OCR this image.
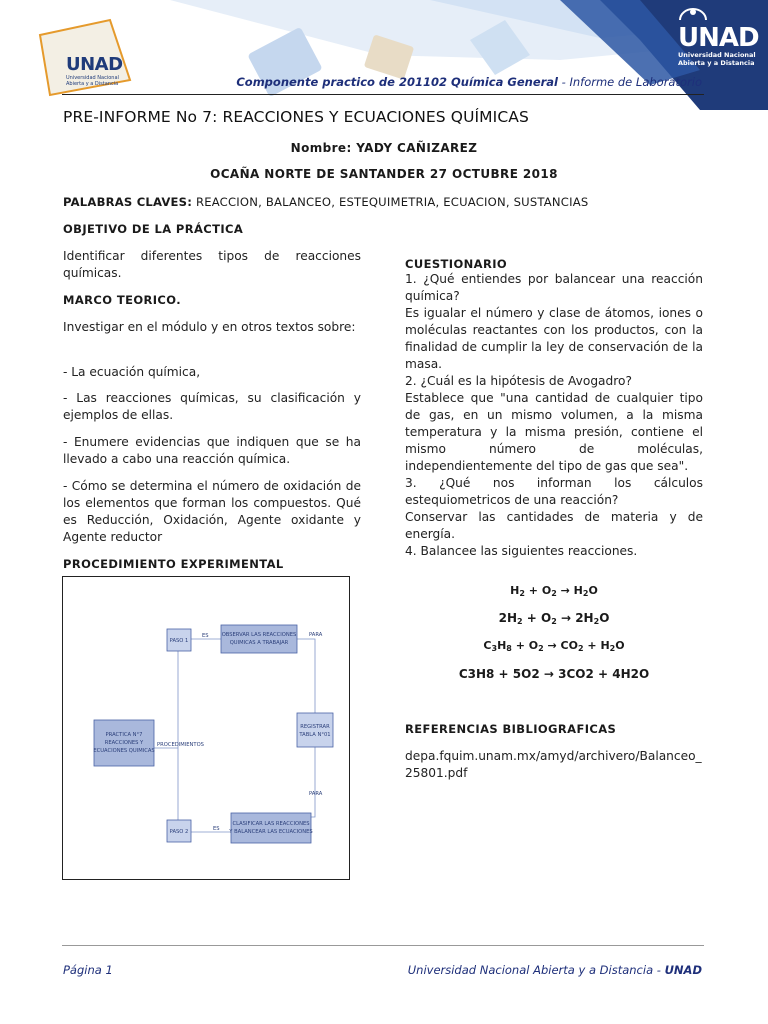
UNAD
Universidad Nacional Abierta y a Distancia
UNAD
Universidad Nacional
Abierta y a Distancia
Componente practico de 201102 Química General - Informe de Laboratorio
PRE-INFORME No 7: REACCIONES Y ECUACIONES QUÍMICAS
Nombre: YADY CAÑIZAREZ
OCAÑA NORTE DE SANTANDER 27 OCTUBRE 2018
PALABRAS CLAVES: REACCION, BALANCEO, ESTEQUIMETRIA, ECUACION, SUSTANCIAS
OBJETIVO DE LA PRÁCTICA
Identificar diferentes tipos de reacciones químicas.
MARCO TEORICO.
Investigar en el módulo y en otros textos sobre:
- La ecuación química,
- Las reacciones químicas, su clasificación y ejemplos de ellas.
- Enumere evidencias que indiquen que se ha llevado a cabo una reacción química.
- Cómo se determina el número de oxidación de los elementos que forman los compuestos. Qué es Reducción, Oxidación, Agente oxidante y Agente reductor
PROCEDIMIENTO EXPERIMENTAL
PRACTICA N°7
REACCIONES Y
ECUACIONES QUIMICAS
PASO 1
OBSERVAR LAS REACCIONES
QUIMICAS A TRABAJAR
REGISTRAR
TABLA N°01
PASO 2
CLASIFICAR LAS REACCIONES
Y BALANCEAR LAS ECUACIONES
PROCEDIMIENTOS
ES
ES
PARA
PARA
CUESTIONARIO
1. ¿Qué entiendes por balancear una reacción química?
Es igualar el número y clase de átomos, iones o moléculas reactantes con los productos, con la finalidad de cumplir la ley de conservación de la masa.
2. ¿Cuál es la hipótesis de Avogadro?
Establece que "una cantidad de cualquier tipo de gas, en un mismo volumen, a la misma temperatura y la misma presión, contiene el mismo número de moléculas, independientemente del tipo de gas que sea".
3. ¿Qué nos informan los cálculos estequiometricos de una reacción?
Conservar las cantidades de materia y de energía.
4. Balancee las siguientes reacciones.
$H_2 + O_2 \to H_2O$
$2H_2 + O_2 \to 2H_2O$
$C_3H_8 + O_2 \to CO_2 + H_2O$
C3H8 + 5O2 → 3CO2 + 4H2O
REFERENCIAS BIBLIOGRAFICAS
depa.fquim.unam.mx/amyd/archivero/Balanceo_25801.pdf
Página 1	Universidad Nacional Abierta y a Distancia - UNAD
